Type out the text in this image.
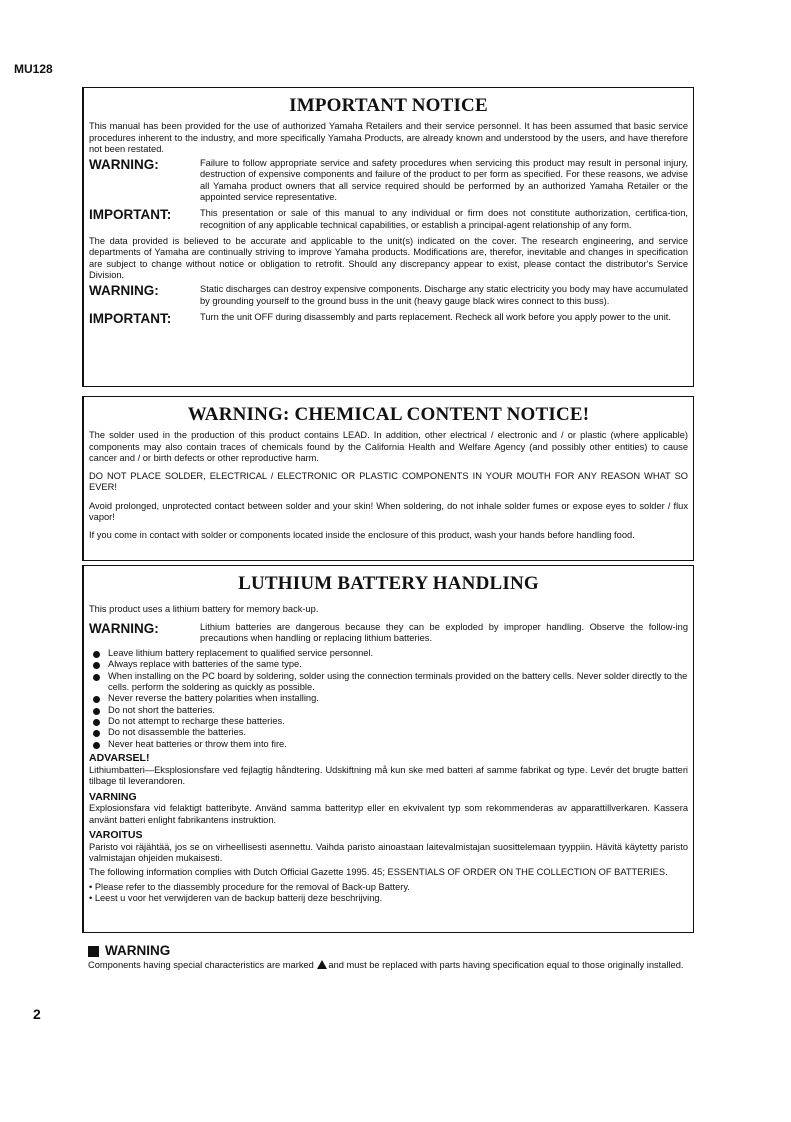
MU128
IMPORTANT NOTICE

This manual has been provided for the use of authorized Yamaha Retailers and their service personnel. It has been assumed that basic service procedures inherent to the industry, and more specifically Yamaha Products, are already known and understood by the users, and have therefore not been restated.

WARNING:	Failure to follow appropriate service and safety procedures when servicing this product may result in personal injury, destruction of expensive components and failure of the product to per form as specified. For these reasons, we advise all Yamaha product owners that all service required should be performed by an authorized Yamaha Retailer or the appointed service representative.
IMPORTANT:	This presentation or sale of this manual to any individual or firm does not constitute authorization, certifica-tion, recognition of any applicable technical capabilities, or establish a principal-agent relationship of any form.

The data provided is believed to be accurate and applicable to the unit(s) indicated on the cover. The research engineering, and service departments of Yamaha are continually striving to improve Yamaha products. Modifications are, therefor, inevitable and changes in specification are subject to change without notice or obligation to retrofit. Should any discrepancy appear to exist, please contact the distributor's Service Division.

WARNING:	Static discharges can destroy expensive components. Discharge any static electricity you body may have accumulated by grounding yourself to the ground buss in the unit (heavy gauge black wires connect to this buss).
IMPORTANT:	Turn the unit OFF during disassembly and parts replacement. Recheck all work before you apply power to the unit.
WARNING: CHEMICAL CONTENT NOTICE!

The solder used in the production of this product contains LEAD. In addition, other electrical / electronic and / or plastic (where applicable) components may also contain traces of chemicals found by the California Health and Welfare Agency (and possibly other entities) to cause cancer and / or birth defects or other reproductive harm.

DO NOT PLACE SOLDER, ELECTRICAL / ELECTRONIC OR PLASTIC COMPONENTS IN YOUR MOUTH FOR ANY REASON WHAT SO EVER!

Avoid prolonged, unprotected contact between solder and your skin! When soldering, do not inhale solder fumes or expose eyes to solder / flux vapor!

If you come in contact with solder or components located inside the enclosure of this product, wash your hands before handling food.

LUTHIUM BATTERY HANDLING

This product uses a lithium battery for memory back-up.

WARNING:	Lithium batteries are dangerous because they can be exploded by improper handling. Observe the follow-ing precautions when handling or replacing lithium batteries.
Leave lithium battery replacement to qualified service personnel.
Always replace with batteries of the same type.
When installing on the PC board by soldering, solder using the connection terminals provided on the battery cells. Never solder directly to the cells. perform the soldering as quickly as possible.
Never reverse the battery polarities when installing.
Do not short the batteries.
Do not attempt to recharge these batteries.
Do not disassemble the batteries.
Never heat batteries or throw them into fire.
ADVARSEL!

Lithiumbatteri—Eksplosionsfare ved fejlagtig håndtering. Udskiftning må kun ske med batteri af samme fabrikat og type. Levér det brugte batteri tilbage til leverandoren.

VARNING

Explosionsfara vid felaktigt batteribyte. Använd samma batterityp eller en ekvivalent typ som rekommenderas av apparattillverkaren. Kassera använt batteri enlight fabrikantens instruktion.

VAROITUS

Paristo voi räjähtää, jos se on virheellisesti asennettu. Vaihda paristo ainoastaan laitevalmistajan suosittelemaan tyyppiin. Hävitä käytetty paristo valmistajan ohjeiden mukaisesti.

The following information complies with Dutch Official Gazette 1995. 45; ESSENTIALS OF ORDER ON THE COLLECTION OF BATTERIES.

• Please refer to the diassembly procedure for the removal of Back-up Battery.
• Leest u voor het verwijderen van de backup batterij deze beschrijving.
WARNING
Components having special characteristics are marked and must be replaced with parts having specification equal to those originally installed.
2
